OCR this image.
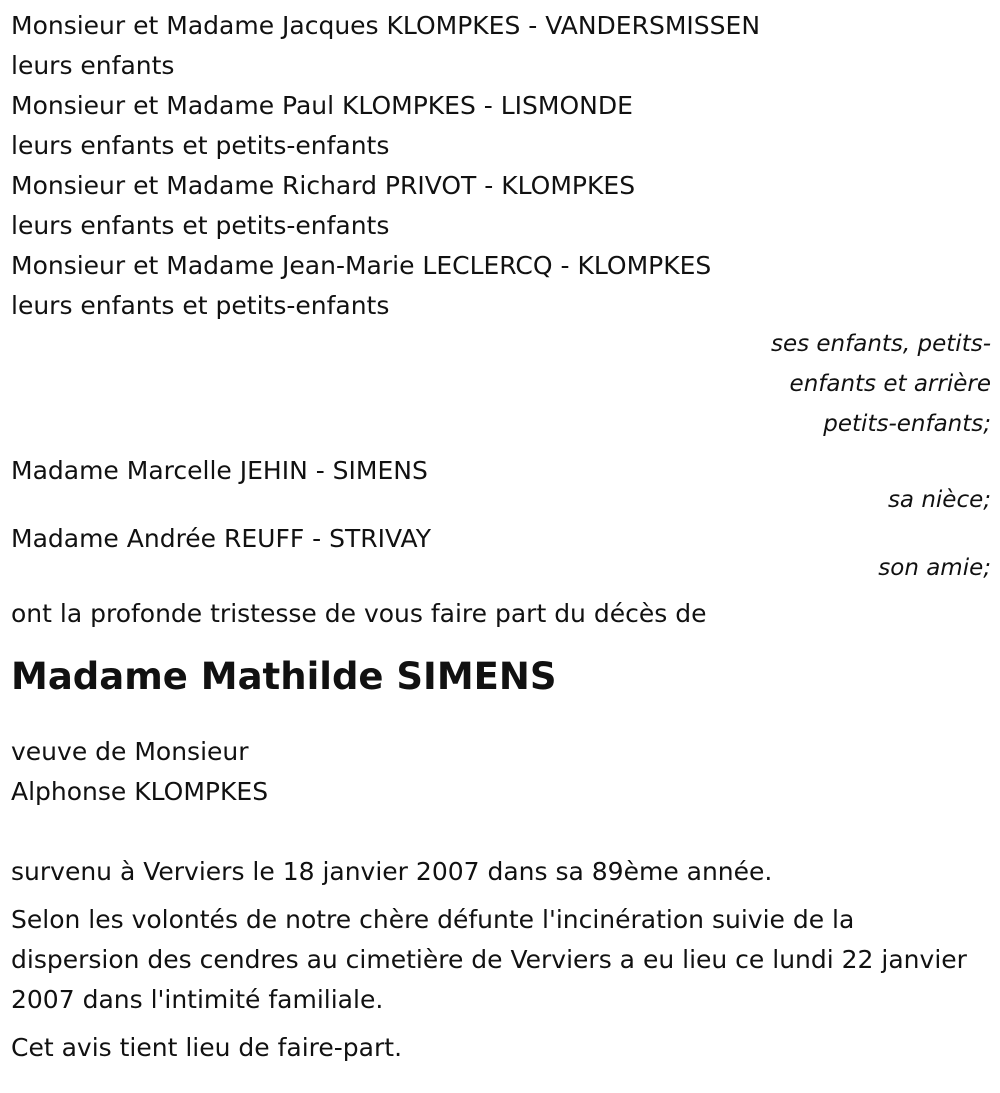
Monsieur et Madame Jacques KLOMPKES - VANDERSMISSEN
leurs enfants
Monsieur et Madame Paul KLOMPKES - LISMONDE
leurs enfants et petits-enfants
Monsieur et Madame Richard PRIVOT - KLOMPKES
leurs enfants et petits-enfants
Monsieur et Madame Jean-Marie LECLERCQ - KLOMPKES
leurs enfants et petits-enfants
ses enfants, petits-
enfants et arrière
petits-enfants;
Madame Marcelle JEHIN - SIMENS
sa nièce;
Madame Andrée REUFF - STRIVAY
son amie;
ont la profonde tristesse de vous faire part du décès de
Madame Mathilde SIMENS
veuve de Monsieur
Alphonse KLOMPKES
survenu à Verviers le 18 janvier 2007 dans sa 89ème année.
Selon les volontés de notre chère défunte l'incinération suivie de la dispersion des cendres au cimetière de Verviers a eu lieu ce lundi 22 janvier 2007 dans l'intimité familiale.
Cet avis tient lieu de faire-part.
